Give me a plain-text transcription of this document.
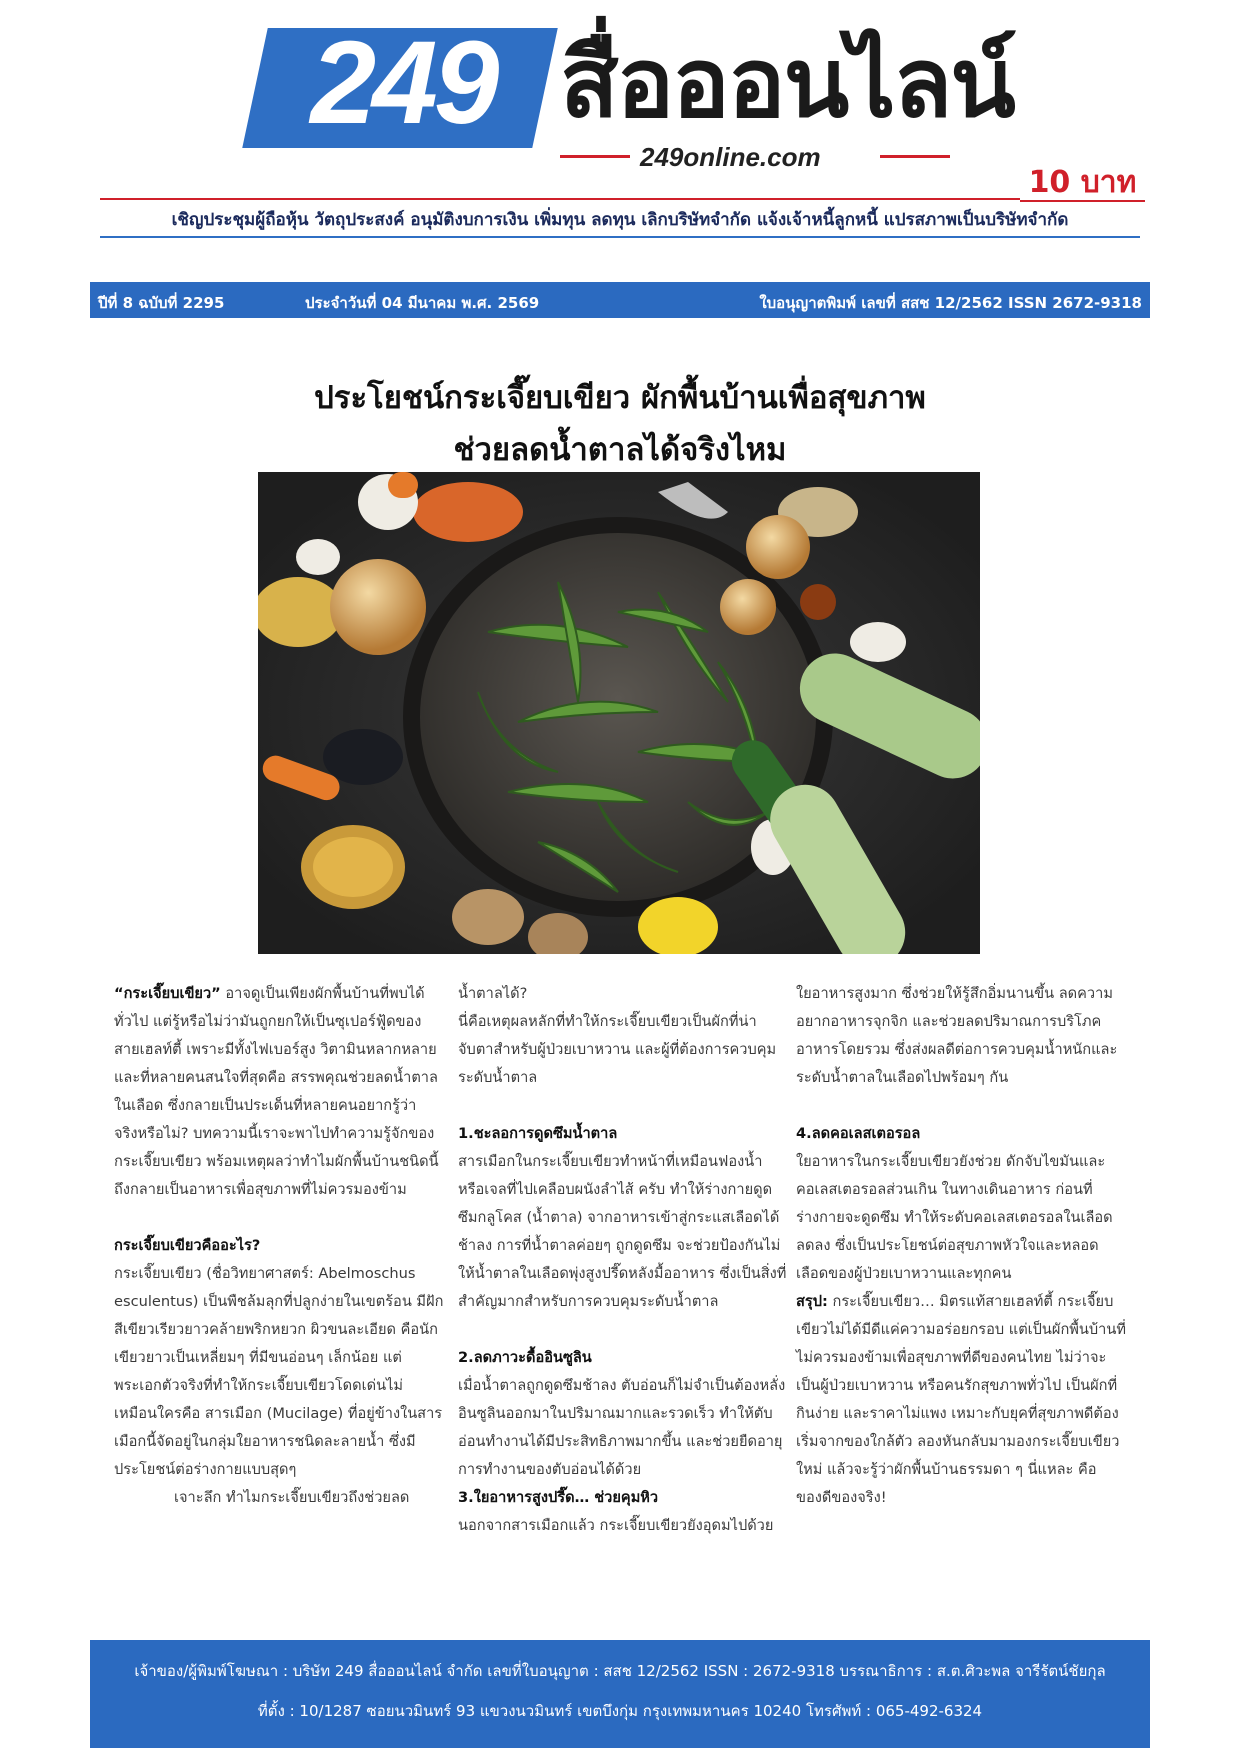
249 สื่อออนไลน์
249online.com
10 บาท
เชิญประชุมผู้ถือหุ้น วัตถุประสงค์ อนุมัติงบการเงิน เพิ่มทุน ลดทุน เลิกบริษัทจำกัด แจ้งเจ้าหนี้ลูกหนี้ แปรสภาพเป็นบริษัทจำกัด
ปีที่ 8 ฉบับที่ 2295	ประจำวันที่ 04 มีนาคม พ.ศ. 2569	ใบอนุญาตพิมพ์ เลขที่ สสช 12/2562 ISSN 2672-9318
ประโยชน์กระเจี๊ยบเขียว ผักพื้นบ้านเพื่อสุขภาพ
ช่วยลดน้ำตาลได้จริงไหม

“กระเจี๊ยบเขียว” อาจดูเป็นเพียงผักพื้นบ้านที่พบได้ทั่วไป แต่รู้หรือไม่ว่ามันถูกยกให้เป็นซุเปอร์ฟู้ดของสายเฮลท์ตี้ เพราะมีทั้งไฟเบอร์สูง วิตามินหลากหลาย และที่หลายคนสนใจที่สุดคือ สรรพคุณช่วยลดน้ำตาลในเลือด ซึ่งกลายเป็นประเด็นที่หลายคนอยากรู้ว่า จริงหรือไม่? บทความนี้เราจะพาไปทำความรู้จักของกระเจี๊ยบเขียว พร้อมเหตุผลว่าทำไมผักพื้นบ้านชนิดนี้ถึงกลายเป็นอาหารเพื่อสุขภาพที่ไม่ควรมองข้าม

กระเจี๊ยบเขียวคืออะไร?

กระเจี๊ยบเขียว (ชื่อวิทยาศาสตร์: Abelmoschus esculentus) เป็นพืชล้มลุกที่ปลูกง่ายในเขตร้อน มีฝักสีเขียวเรียวยาวคล้ายพริกหยวก ผิวขนละเอียด คือนักเขียวยาวเป็นเหลี่ยมๆ ที่มีขนอ่อนๆ เล็กน้อย แต่พระเอกตัวจริงที่ทำให้กระเจี๊ยบเขียวโดดเด่นไม่เหมือนใครคือ สารเมือก (Mucilage) ที่อยู่ข้างในสารเมือกนี้จัดอยู่ในกลุ่มใยอาหารชนิดละลายน้ำ ซึ่งมีประโยชน์ต่อร่างกายแบบสุดๆ

เจาะลึก ทำไมกระเจี๊ยบเขียวถึงช่วยลด

น้ำตาลได้?

นี่คือเหตุผลหลักที่ทำให้กระเจี๊ยบเขียวเป็นผักที่น่าจับตาสำหรับผู้ป่วยเบาหวาน และผู้ที่ต้องการควบคุมระดับน้ำตาล

1.ชะลอการดูดซึมน้ำตาล

สารเมือกในกระเจี๊ยบเขียวทำหน้าที่เหมือนฟองน้ำหรือเจลที่ไปเคลือบผนังลำไส้ ครับ ทำให้ร่างกายดูดซึมกลูโคส (น้ำตาล) จากอาหารเข้าสู่กระแสเลือดได้ช้าลง การที่น้ำตาลค่อยๆ ถูกดูดซึม จะช่วยป้องกันไม่ให้น้ำตาลในเลือดพุ่งสูงปรี๊ดหลังมื้ออาหาร ซึ่งเป็นสิ่งที่สำคัญมากสำหรับการควบคุมระดับน้ำตาล

2.ลดภาวะดื้ออินซูลิน

เมื่อน้ำตาลถูกดูดซึมช้าลง ตับอ่อนก็ไม่จำเป็นต้องหลั่งอินซูลินออกมาในปริมาณมากและรวดเร็ว ทำให้ตับอ่อนทำงานได้มีประสิทธิภาพมากขึ้น และช่วยยืดอายุการทำงานของตับอ่อนได้ด้วย

3.ใยอาหารสูงปรี๊ด… ช่วยคุมหิว

นอกจากสารเมือกแล้ว กระเจี๊ยบเขียวยังอุดมไปด้วย

ใยอาหารสูงมาก ซึ่งช่วยให้รู้สึกอิ่มนานขึ้น ลดความอยากอาหารจุกจิก และช่วยลดปริมาณการบริโภคอาหารโดยรวม ซึ่งส่งผลดีต่อการควบคุมน้ำหนักและระดับน้ำตาลในเลือดไปพร้อมๆ กัน

4.ลดคอเลสเตอรอล

ใยอาหารในกระเจี๊ยบเขียวยังช่วย ดักจับไขมันและคอเลสเตอรอลส่วนเกิน ในทางเดินอาหาร ก่อนที่ร่างกายจะดูดซึม ทำให้ระดับคอเลสเตอรอลในเลือดลดลง ซึ่งเป็นประโยชน์ต่อสุขภาพหัวใจและหลอดเลือดของผู้ป่วยเบาหวานและทุกคน

สรุป: กระเจี๊ยบเขียว… มิตรแท้สายเฮลท์ตี้ กระเจี๊ยบเขียวไม่ได้มีดีแค่ความอร่อยกรอบ แต่เป็นผักพื้นบ้านที่ไม่ควรมองข้ามเพื่อสุขภาพที่ดีของคนไทย ไม่ว่าจะเป็นผู้ป่วยเบาหวาน หรือคนรักสุขภาพทั่วไป เป็นผักที่กินง่าย และราคาไม่แพง เหมาะกับยุคที่สุขภาพดีต้องเริ่มจากของใกล้ตัว ลองหันกลับมามองกระเจี๊ยบเขียวใหม่ แล้วจะรู้ว่าผักพื้นบ้านธรรมดา ๆ นี่แหละ คือของดีของจริง!

เจ้าของ/ผู้พิมพ์โฆษณา : บริษัท 249 สื่อออนไลน์ จำกัด เลขที่ใบอนุญาต : สสช 12/2562 ISSN : 2672-9318 บรรณาธิการ : ส.ต.ศิวะพล จารีรัตน์ชัยกุล
ที่ตั้ง : 10/1287 ซอยนวมินทร์ 93 แขวงนวมินทร์ เขตบึงกุ่ม กรุงเทพมหานคร 10240 โทรศัพท์ : 065-492-6324
